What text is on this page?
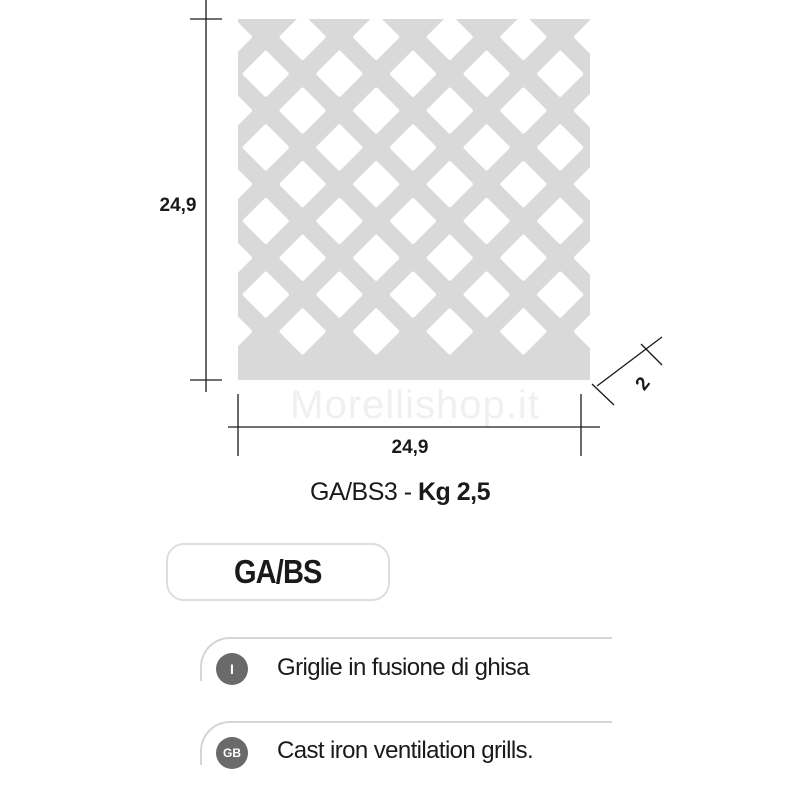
Morellishop.it
24,9
24,9
2
GA/BS3 - Kg 2,5
GA/BS
I	Griglie in fusione di ghisa
GB Cast iron ventilation grills.
